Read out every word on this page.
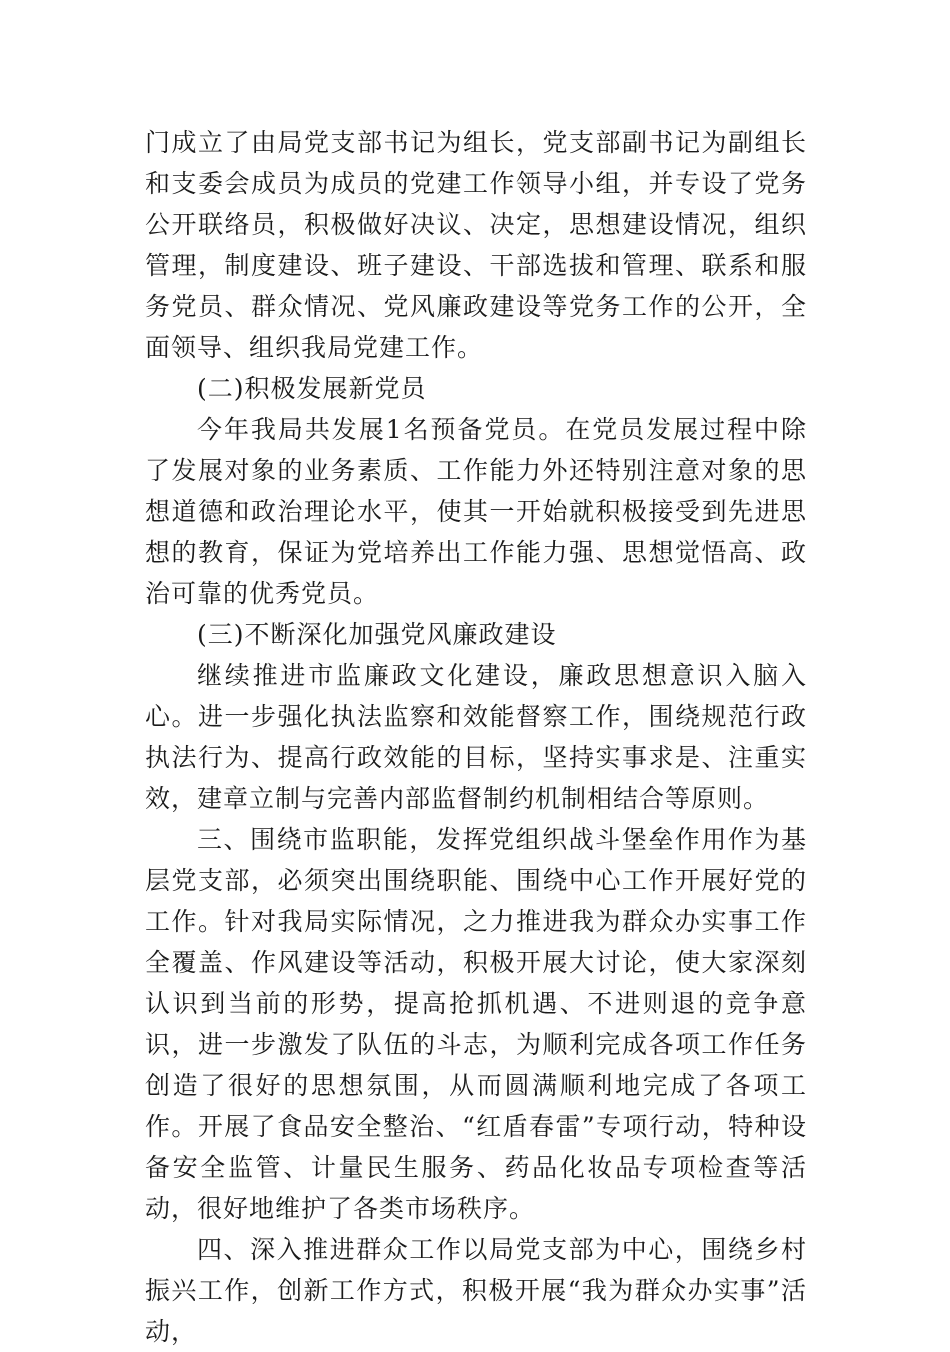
门成立了由局党支部书记为组长，党支部副书记为副组长和支委会成员为成员的党建工作领导小组，并专设了党务公开联络员，积极做好决议、决定，思想建设情况，组织管理，制度建设、班子建设、干部选拔和管理、联系和服务党员、群众情况、党风廉政建设等党务工作的公开，全面领导、组织我局党建工作。

(二)积极发展新党员

今年我局共发展1名预备党员。在党员发展过程中除了发展对象的业务素质、工作能力外还特别注意对象的思想道德和政治理论水平，使其一开始就积极接受到先进思想的教育，保证为党培养出工作能力强、思想觉悟高、政治可靠的优秀党员。

(三)不断深化加强党风廉政建设

继续推进市监廉政文化建设，廉政思想意识入脑入心。进一步强化执法监察和效能督察工作，围绕规范行政执法行为、提高行政效能的目标，坚持实事求是、注重实效，建章立制与完善内部监督制约机制相结合等原则。

三、围绕市监职能，发挥党组织战斗堡垒作用作为基层党支部，必须突出围绕职能、围绕中心工作开展好党的工作。针对我局实际情况，之力推进我为群众办实事工作全覆盖、作风建设等活动，积极开展大讨论，使大家深刻认识到当前的形势，提高抢抓机遇、不进则退的竞争意识，进一步激发了队伍的斗志，为顺利完成各项工作任务创造了很好的思想氛围，从而圆满顺利地完成了各项工作。开展了食品安全整治、“红盾春雷”专项行动，特种设备安全监管、计量民生服务、药品化妆品专项检查等活动，很好地维护了各类市场秩序。

四、深入推进群众工作以局党支部为中心，围绕乡村振兴工作，创新工作方式，积极开展“我为群众办实事”活动，
